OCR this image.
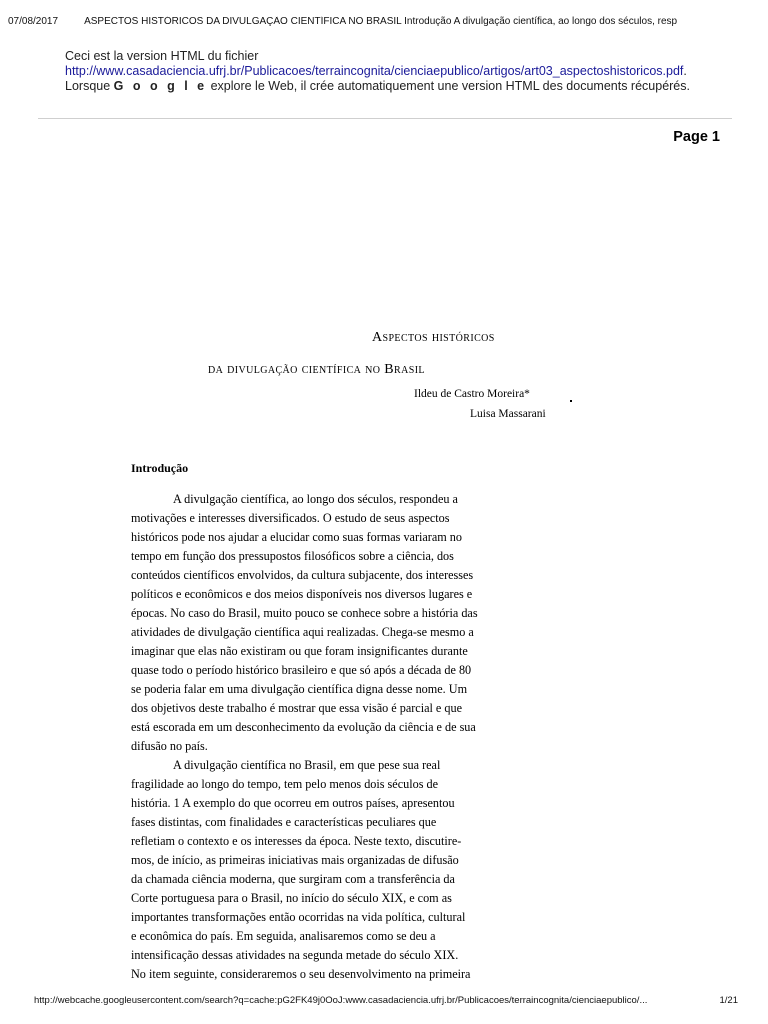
07/08/2017	ASPECTOS HISTÓRICOS DA DIVULGAÇÃO CIENTÍFICA NO BRASIL Introdução A divulgação científica, ao longo dos séculos, resp
Ceci est la version HTML du fichier
http://www.casadaciencia.ufrj.br/Publicacoes/terraincognita/cienciaepublico/artigos/art03_aspectoshistoricos.pdf.
Lorsque G o o g l e explore le Web, il crée automatiquement une version HTML des documents récupérés.
Page 1
Aspectos históricos
da divulgação científica no Brasil
Ildeu de Castro Moreira*
Luisa Massarani
Introdução
A divulgação científica, ao longo dos séculos, respondeu a
motivações e interesses diversificados. O estudo de seus aspectos
históricos pode nos ajudar a elucidar como suas formas variaram no
tempo em função dos pressupostos filosóficos sobre a ciência, dos
conteúdos científicos envolvidos, da cultura subjacente, dos interesses
políticos e econômicos e dos meios disponíveis nos diversos lugares e
épocas. No caso do Brasil, muito pouco se conhece sobre a história das
atividades de divulgação científica aqui realizadas. Chega-se mesmo a
imaginar que elas não existiram ou que foram insignificantes durante
quase todo o período histórico brasileiro e que só após a década de 80
se poderia falar em uma divulgação científica digna desse nome. Um
dos objetivos deste trabalho é mostrar que essa visão é parcial e que
está escorada em um desconhecimento da evolução da ciência e de sua
difusão no país.
A divulgação científica no Brasil, em que pese sua real
fragilidade ao longo do tempo, tem pelo menos dois séculos de
história. 1 A exemplo do que ocorreu em outros países, apresentou
fases distintas, com finalidades e características peculiares que
refletiam o contexto e os interesses da época. Neste texto, discutire-
mos, de início, as primeiras iniciativas mais organizadas de difusão
da chamada ciência moderna, que surgiram com a transferência da
Corte portuguesa para o Brasil, no início do século XIX, e com as
importantes transformações então ocorridas na vida política, cultural
e econômica do país. Em seguida, analisaremos como se deu a
intensificação dessas atividades na segunda metade do século XIX.
No item seguinte, consideraremos o seu desenvolvimento na primeira
http://webcache.googleusercontent.com/search?q=cache:pG2FK49j0OoJ:www.casadaciencia.ufrj.br/Publicacoes/terraincognita/cienciaepublico/...	1/21
